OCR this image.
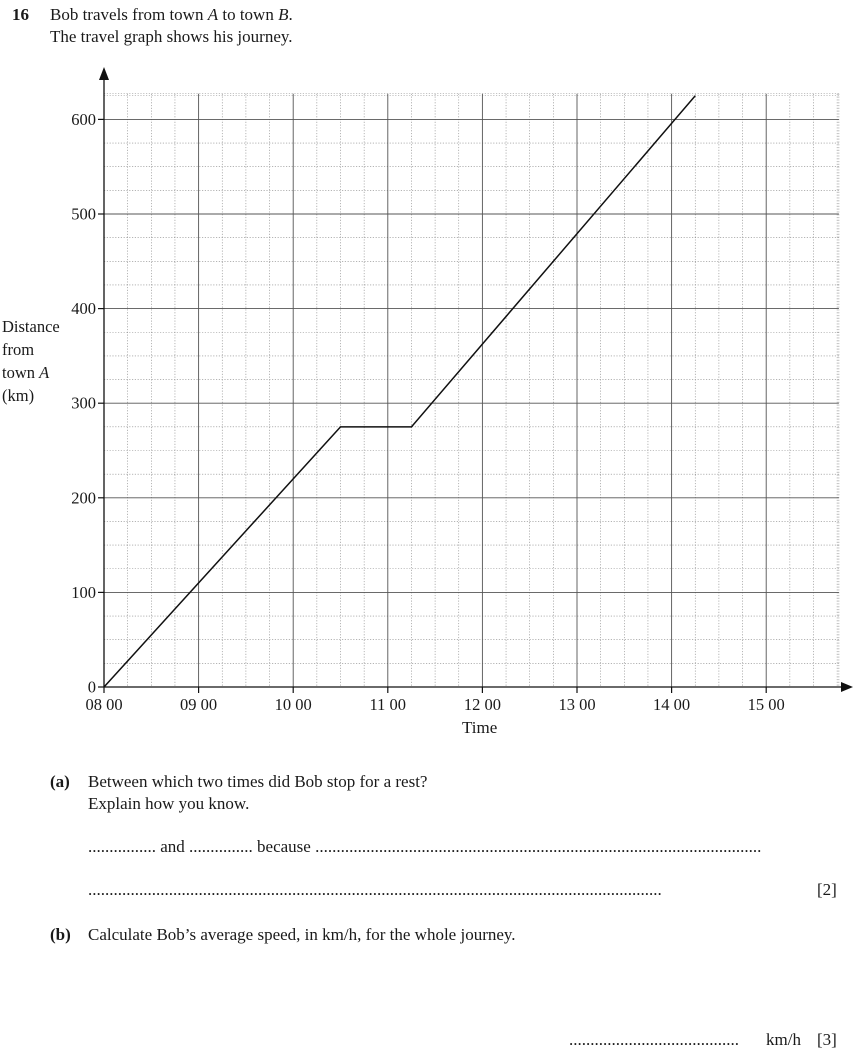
16 Bob travels from town A to town B.
The travel graph shows his journey.
0
100
200
300
400
500
600
08 00	09 00	10 00	11 00	12 00	13 00	14 00	15 00
Distance
from
town A
(km)
Time
(a) Between which two times did Bob stop for a rest?
Explain how you know.
................ and ............... because .........................................................................................................
.......................................................................................................................................	[2]
(b) Calculate Bob’s average speed, in km/h, for the whole journey.
........................................ km/h [3]
